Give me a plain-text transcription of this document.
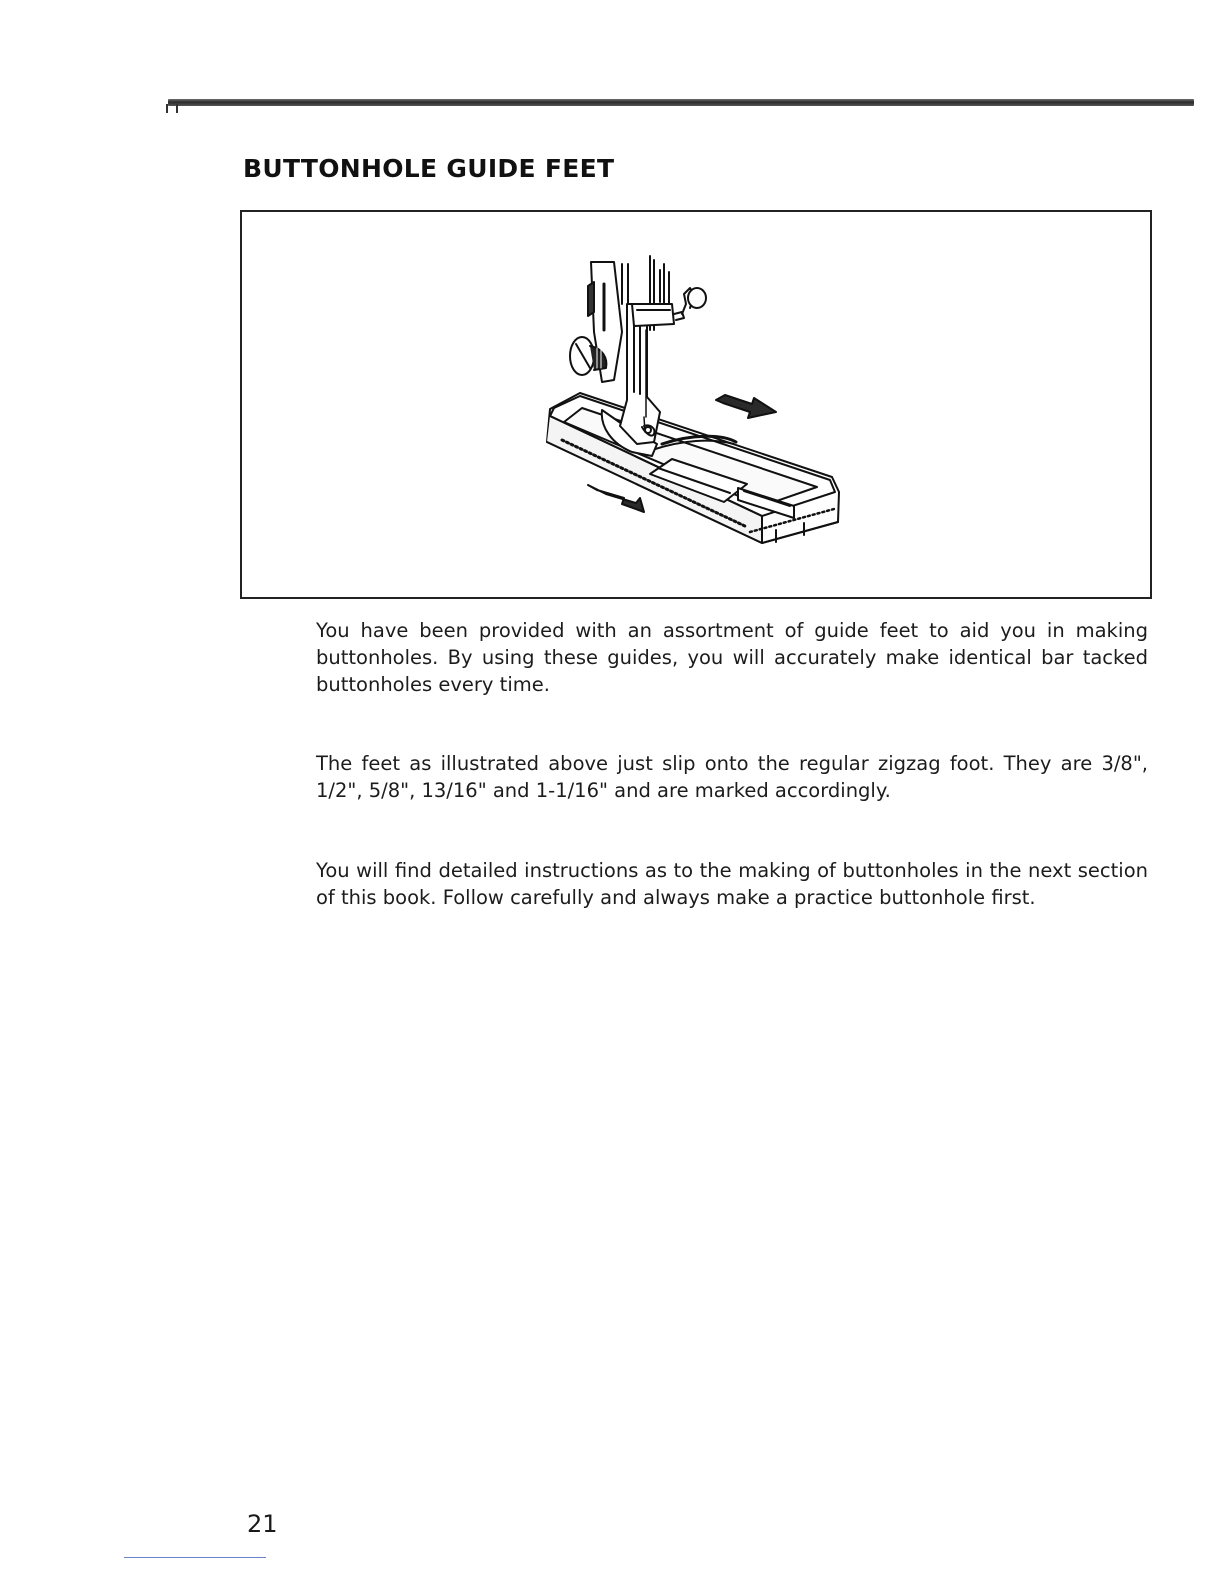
BUTTONHOLE GUIDE FEET

You have been provided with an assortment of guide feet to aid you in making buttonholes. By using these guides, you will accurately make identical bar tacked buttonholes every time.

The feet as illustrated above just slip onto the regular zigzag foot. They are 3/8", 1/2", 5/8", 13/16" and 1-1/16" and are marked accordingly.

You will find detailed instructions as to the making of buttonholes in the next section of this book. Follow carefully and always make a practice buttonhole first.

21
